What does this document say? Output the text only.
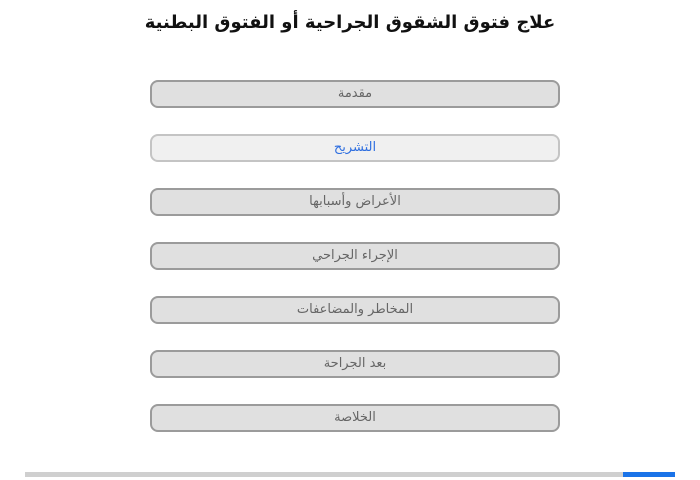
علاج فتوق الشقوق الجراحية أو الفتوق البطنية
مقدمة
التشريح
الأعراض وأسبابها
الإجراء الجراحي
المخاطر والمضاعفات
بعد الجراحة
الخلاصة
